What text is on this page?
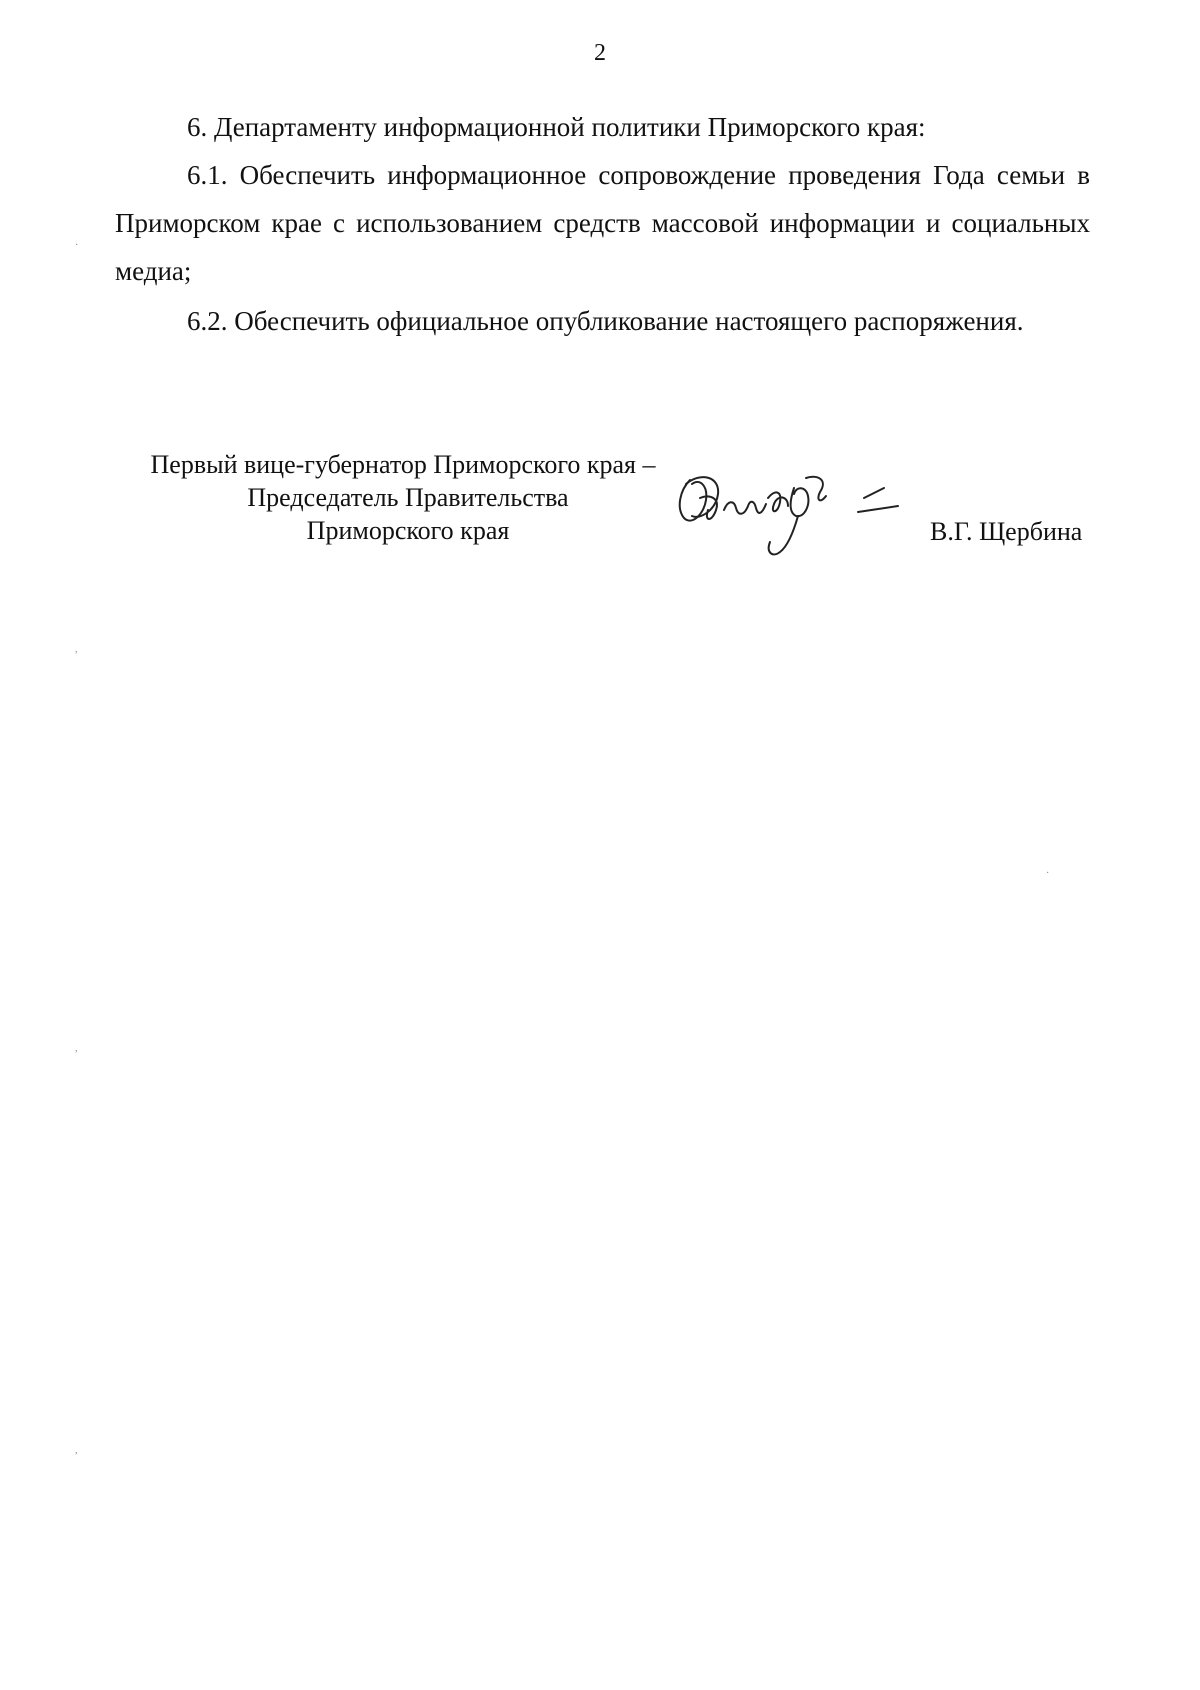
2

6. Департаменту информационной политики Приморского края:

6.1. Обеспечить информационное сопровождение проведения Года семьи в Приморском крае с использованием средств массовой информации и социальных медиа;

6.2. Обеспечить официальное опубликование настоящего распоряжения.

Первый вице-губернатор Приморского края –
Председатель Правительства
Приморского края	В.Г. Щербина
·
,
·
,
,
